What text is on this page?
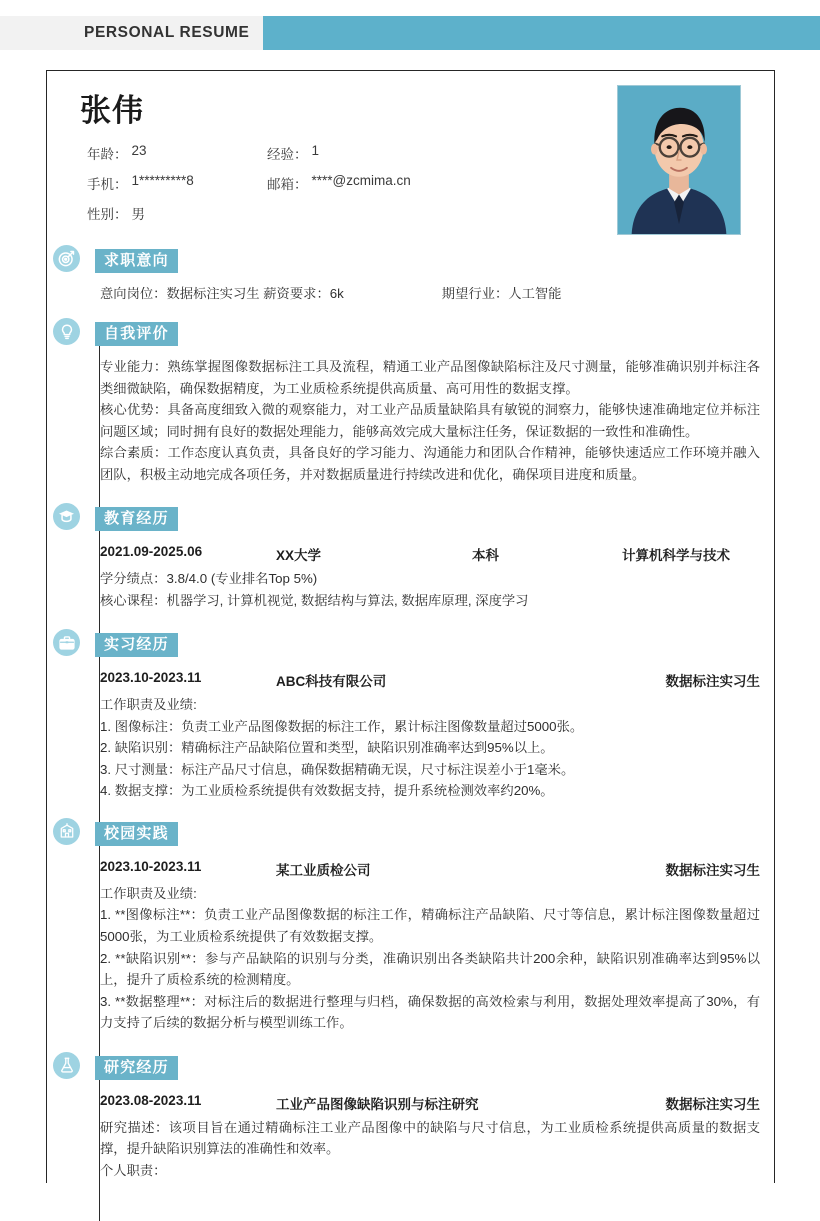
PERSONAL RESUME
张伟
年龄： 23	经验： 1
手机： 1*********8	邮箱： ****@zcmima.cn
性别： 男
求职意向
意向岗位：数据标注实习生 薪资要求：6k	期望行业：人工智能
自我评价
专业能力：熟练掌握图像数据标注工具及流程，精通工业产品图像缺陷标注及尺寸测量，能够准确识别并标注各类细微缺陷，确保数据精度，为工业质检系统提供高质量、高可用性的数据支撑。
核心优势：具备高度细致入微的观察能力，对工业产品质量缺陷具有敏锐的洞察力，能够快速准确地定位并标注问题区域；同时拥有良好的数据处理能力，能够高效完成大量标注任务，保证数据的一致性和准确性。
综合素质：工作态度认真负责，具备良好的学习能力、沟通能力和团队合作精神，能够快速适应工作环境并融入团队，积极主动地完成各项任务，并对数据质量进行持续改进和优化，确保项目进度和质量。
教育经历
2021.09-2025.06	XX大学	本科	计算机科学与技术
学分绩点：3.8/4.0 (专业排名Top 5%)
核心课程：机器学习, 计算机视觉, 数据结构与算法, 数据库原理, 深度学习
实习经历
2023.10-2023.11	ABC科技有限公司	数据标注实习生
工作职责及业绩:
1. 图像标注：负责工业产品图像数据的标注工作，累计标注图像数量超过5000张。
2. 缺陷识别：精确标注产品缺陷位置和类型，缺陷识别准确率达到95%以上。
3. 尺寸测量：标注产品尺寸信息，确保数据精确无误，尺寸标注误差小于1毫米。
4. 数据支撑：为工业质检系统提供有效数据支持，提升系统检测效率约20%。
校园实践
2023.10-2023.11	某工业质检公司	数据标注实习生
工作职责及业绩:
1. **图像标注**：负责工业产品图像数据的标注工作，精确标注产品缺陷、尺寸等信息，累计标注图像数量超过5000张，为工业质检系统提供了有效数据支撑。
2. **缺陷识别**：参与产品缺陷的识别与分类，准确识别出各类缺陷共计200余种，缺陷识别准确率达到95%以上，提升了质检系统的检测精度。
3. **数据整理**：对标注后的数据进行整理与归档，确保数据的高效检索与利用，数据处理效率提高了30%，有力支持了后续的数据分析与模型训练工作。
研究经历
2023.08-2023.11	工业产品图像缺陷识别与标注研究	数据标注实习生
研究描述：该项目旨在通过精确标注工业产品图像中的缺陷与尺寸信息，为工业质检系统提供高质量的数据支撑，提升缺陷识别算法的准确性和效率。
个人职责：
